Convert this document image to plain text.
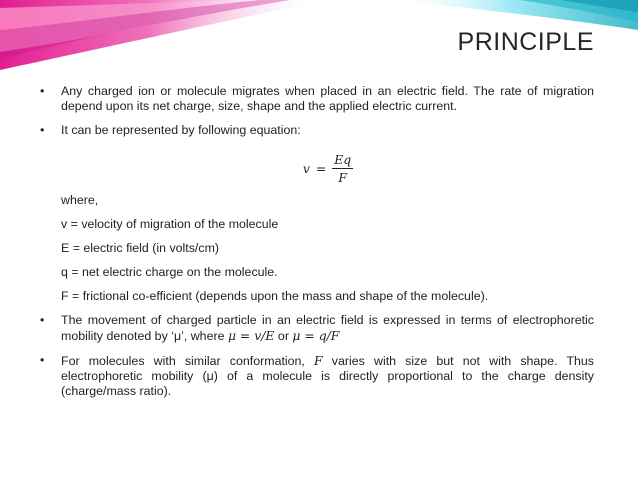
PRINCIPLE
• Any charged ion or molecule migrates when placed in an electric field. The rate of migration depend upon its net charge, size, shape and the applied electric current.
• It can be represented by following equation:
$v = \frac{Eq}{F}$
where,
v = velocity of migration of the molecule
E = electric field (in volts/cm)
q = net electric charge on the molecule.
F = frictional co-efficient (depends upon the mass and shape of the molecule).
• The movement of charged particle in an electric field is expressed in terms of electrophoretic mobility denoted by ‘μ’, where μ = v/E or μ = q/F
• For molecules with similar conformation, F varies with size but not with shape. Thus electrophoretic mobility (μ) of a molecule is directly proportional to the charge density (charge/mass ratio).
